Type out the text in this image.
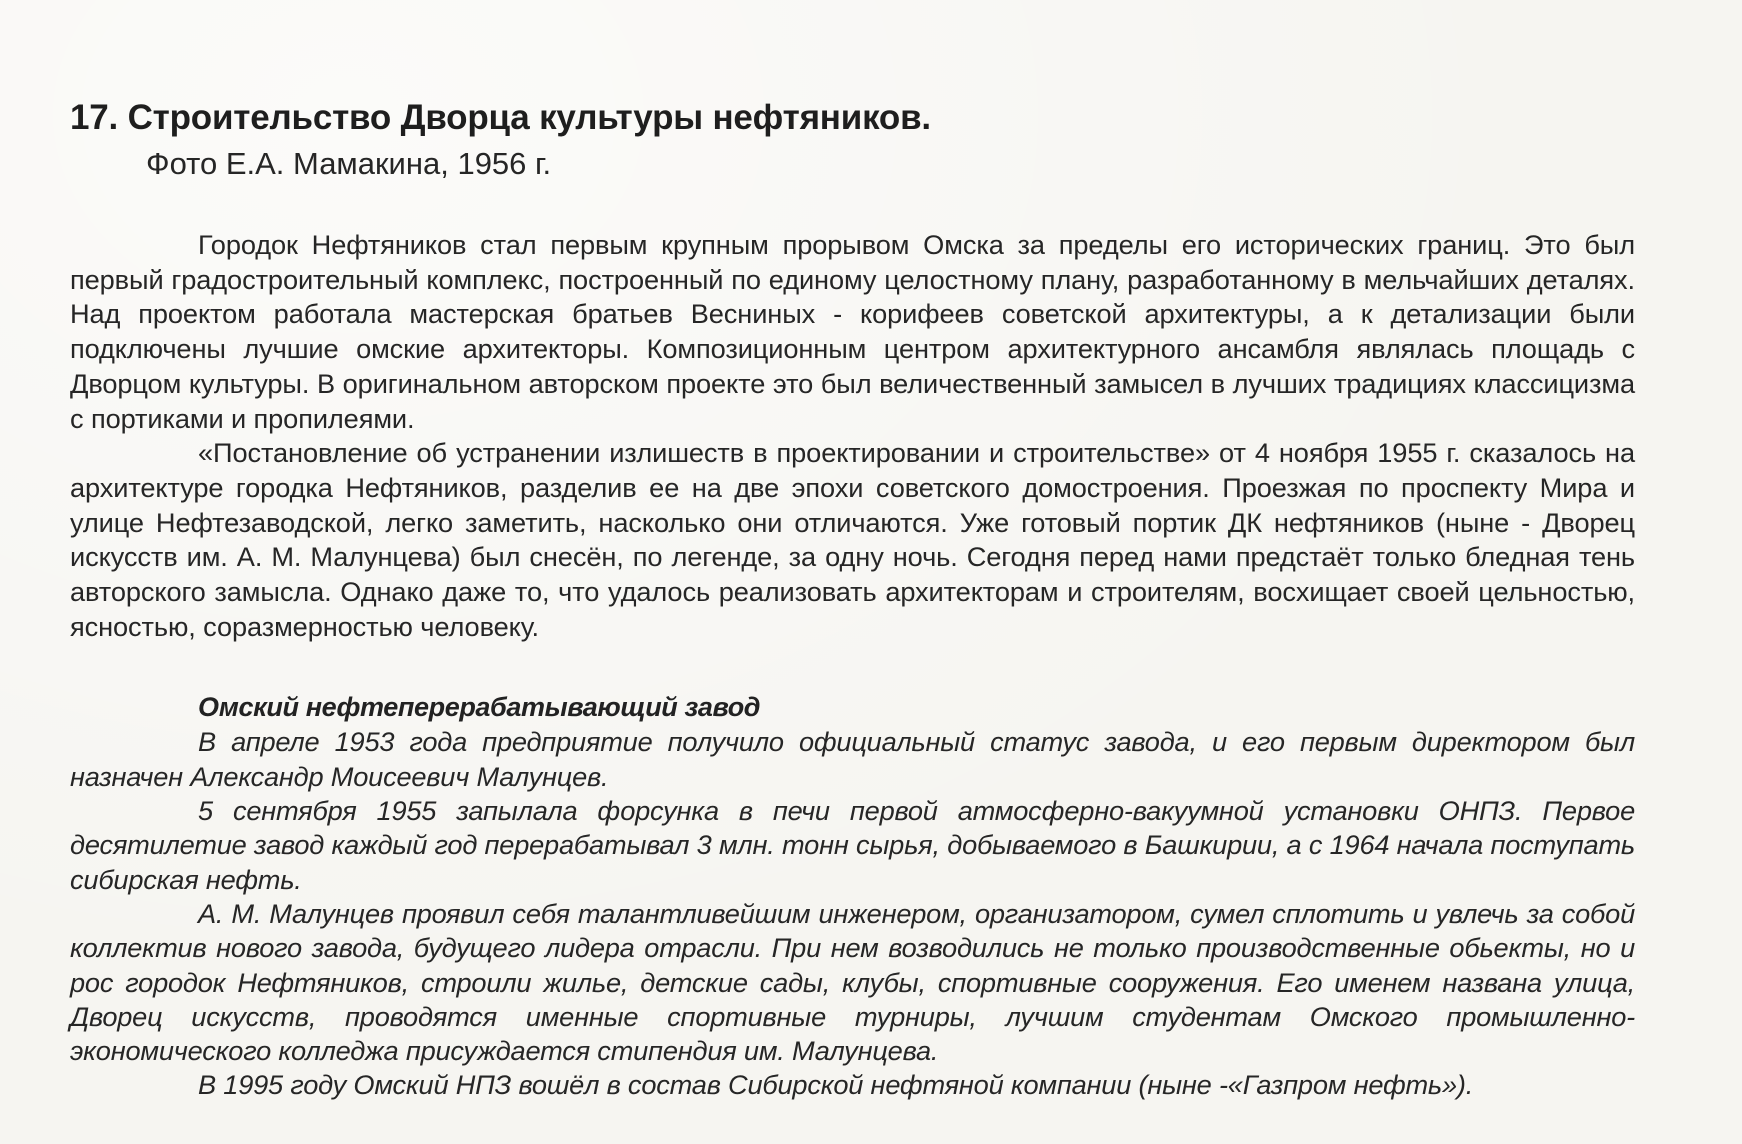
17. Строительство Дворца культуры нефтяников.
Фото Е.А. Мамакина, 1956 г.

Городок Нефтяников стал первым крупным прорывом Омска за пределы его исторических границ. Это был первый градостроительный комплекс, построенный по единому целостному плану, разработанному в мельчайших деталях. Над проектом работала мастерская братьев Весниных - корифеев советской архитектуры, а к детализации были подключены лучшие омские архитекторы. Композиционным центром архитектурного ансамбля являлась площадь с Дворцом культуры. В оригинальном авторском проекте это был величественный замысел в лучших традициях классицизма с портиками и пропилеями.

«Постановление об устранении излишеств в проектировании и строительстве» от 4 ноября 1955 г. сказалось на архитектуре городка Нефтяников, разделив ее на две эпохи советского домостроения. Проезжая по проспекту Мира и улице Нефтезаводской, легко заметить, насколько они отличаются. Уже готовый портик ДК нефтяников (ныне - Дворец искусств им. А. М. Малунцева) был снесён, по легенде, за одну ночь. Сегодня перед нами предстаёт только бледная тень авторского замысла. Однако даже то, что удалось реализовать архитекторам и строителям, восхищает своей цельностью, ясностью, соразмерностью человеку.

Омский нефтеперерабатывающий завод

В апреле 1953 года предприятие получило официальный статус завода, и его первым директором был назначен Александр Моисеевич Малунцев.

5 сентября 1955 запылала форсунка в печи первой атмосферно-вакуумной установки ОНПЗ. Первое десятилетие завод каждый год перерабатывал 3 млн. тонн сырья, добываемого в Башкирии, а с 1964 начала поступать сибирская нефть.

А. М. Малунцев проявил себя талантливейшим инженером, организатором, сумел сплотить и увлечь за собой коллектив нового завода, будущего лидера отрасли. При нем возводились не только производственные обьекты, но и рос городок Нефтяников, строили жилье, детские сады, клубы, спортивные сооружения. Его именем названа улица, Дворец искусств, проводятся именные спортивные турниры, лучшим студентам Омского промышленно-экономического колледжа присуждается стипендия им. Малунцева.

В 1995 году Омский НПЗ вошёл в состав Сибирской нефтяной компании (ныне -«Газпром нефть»).
